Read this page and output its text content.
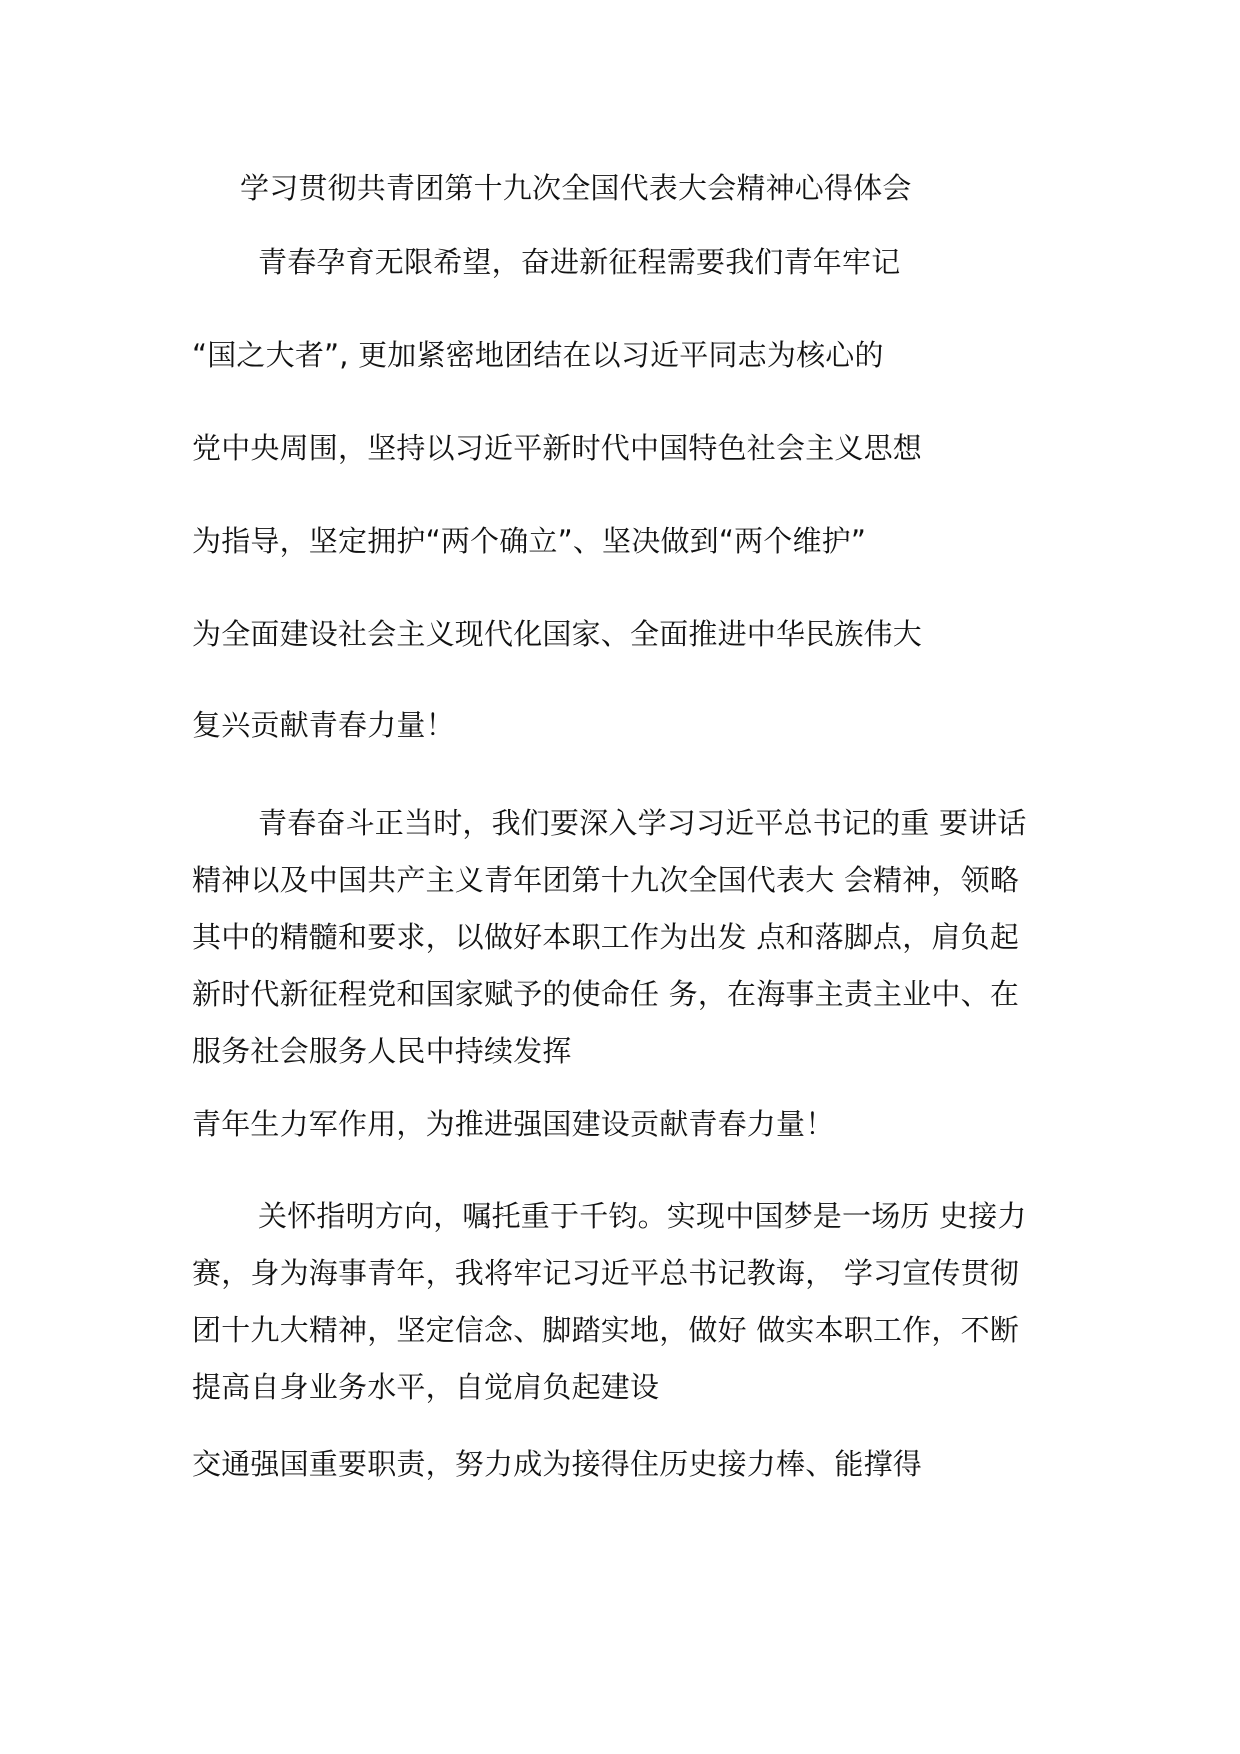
学习贯彻共青团第十九次全国代表大会精神心得体会
青春孕育无限希望，奋进新征程需要我们青年牢记
“国之大者”, 更加紧密地团结在以习近平同志为核心的
党中央周围，坚持以习近平新时代中国特色社会主义思想
为指导，坚定拥护“两个确立”、坚决做到“两个维护”
为全面建设社会主义现代化国家、全面推进中华民族伟大
复兴贡献青春力量！
青春奋斗正当时，我们要深入学习习近平总书记的重 要讲话
精神以及中国共产主义青年团第十九次全国代表大 会精神，领略
其中的精髓和要求，以做好本职工作为出发 点和落脚点，肩负起
新时代新征程党和国家赋予的使命任 务，在海事主责主业中、在
服务社会服务人民中持续发挥
青年生力军作用，为推进强国建设贡献青春力量！
关怀指明方向，嘱托重于千钧。实现中国梦是一场历 史接力
赛，身为海事青年，我将牢记习近平总书记教诲， 学习宣传贯彻
团十九大精神，坚定信念、脚踏实地，做好 做实本职工作，不断
提高自身业务水平，自觉肩负起建设
交通强国重要职责，努力成为接得住历史接力棒、能撑得
